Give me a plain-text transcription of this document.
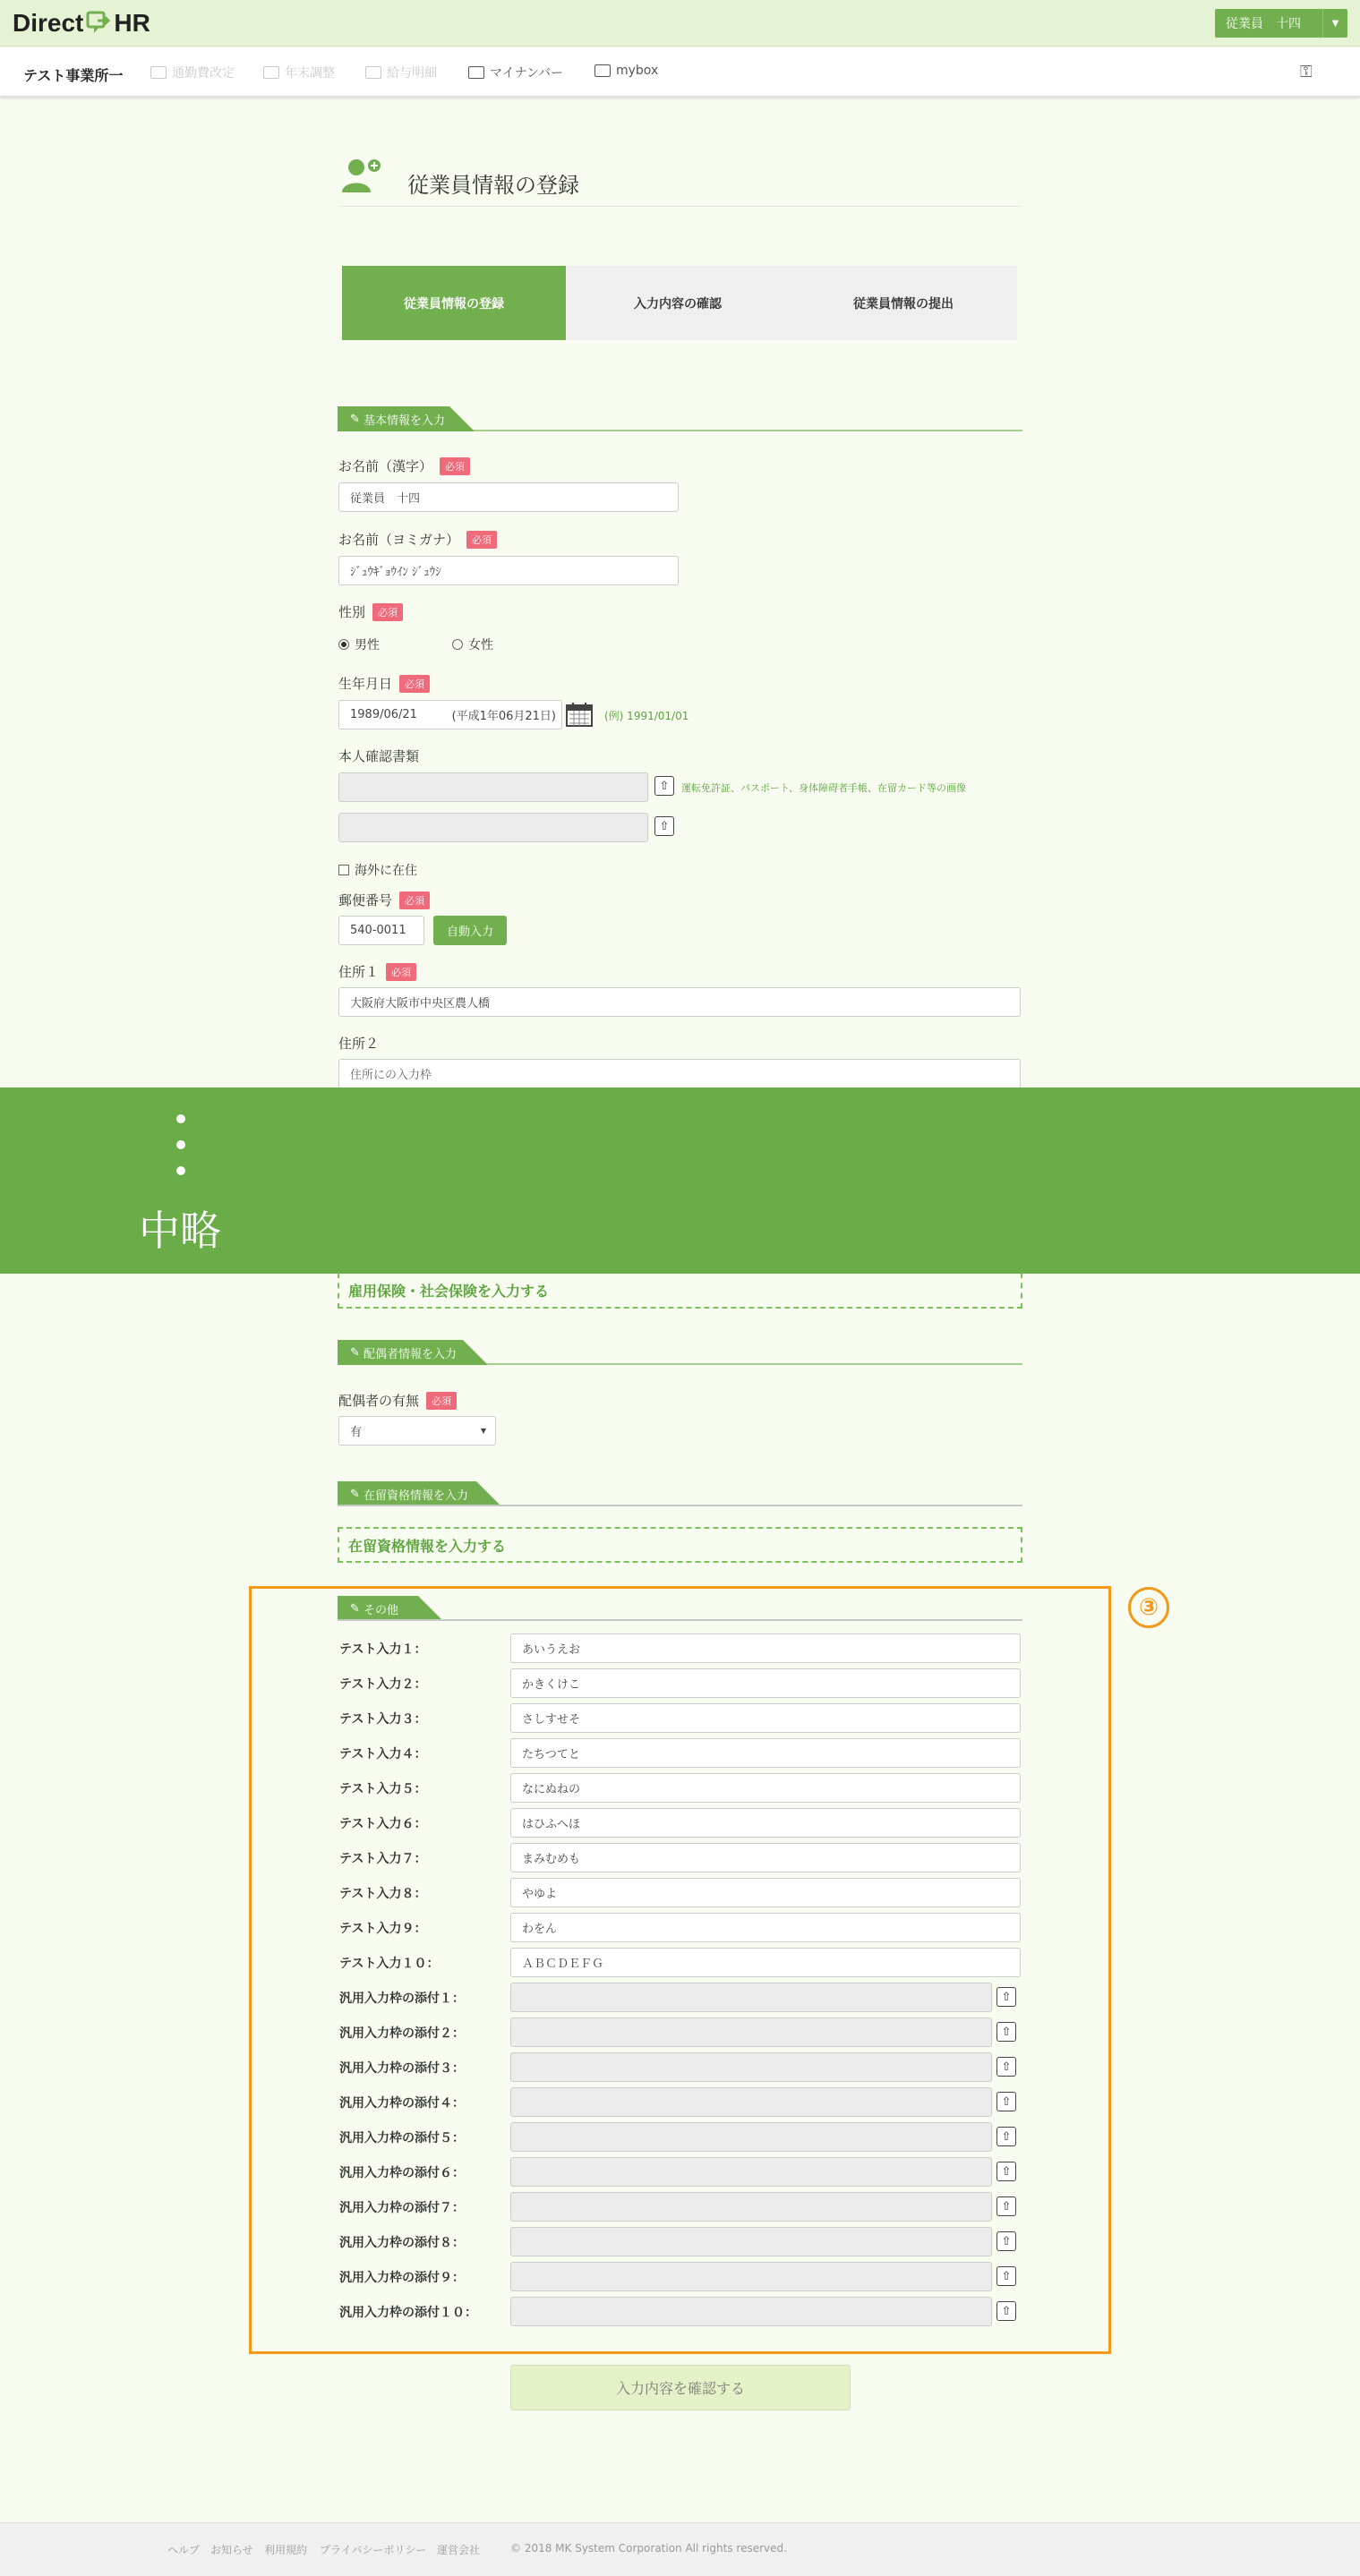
Direct HR	従業員　十四	▼
テスト事業所一	通勤費改定	年末調整	給与明細	マイナンバー	mybox	⚿
従業員情報の登録
従業員情報の登録	入力内容の確認	従業員情報の提出
✎ 基本情報を入力
お名前（漢字）	必須
従業員　十四
お名前（ヨミガナ）	必須
ｼﾞｭｳｷﾞｮｳｲﾝ ｼﾞｭｳｼ
性別	必須
男性	女性
生年月日	必須
1989/06/21	(平成1年06月21日)	(例) 1991/01/01
本人確認書類
⇧	運転免許証、パスポート、身体障碍者手帳、在留カード等の画像
⇧
海外に在住
郵便番号	必須
540-0011	自動入力
住所１	必須
大阪府大阪市中央区農人橋
住所２
住所にの入力枠
中略
雇用保険・社会保険を入力する
✎ 配偶者情報を入力
配偶者の有無	必須
有	▼
✎ 在留資格情報を入力
在留資格情報を入力する
③
✎ その他
テスト入力１：	あいうえお
テスト入力２：	かきくけこ
テスト入力３：	さしすせそ
テスト入力４：	たちつてと
テスト入力５：	なにぬねの
テスト入力６：	はひふへほ
テスト入力７：	まみむめも
テスト入力８：	やゆよ
テスト入力９：	わをん
テスト入力１０：	ＡＢＣＤＥＦＧ
汎用入力枠の添付１：	⇧
汎用入力枠の添付２：	⇧
汎用入力枠の添付３：	⇧
汎用入力枠の添付４：	⇧
汎用入力枠の添付５：	⇧
汎用入力枠の添付６：	⇧
汎用入力枠の添付７：	⇧
汎用入力枠の添付８：	⇧
汎用入力枠の添付９：	⇧
汎用入力枠の添付１０：	⇧
入力内容を確認する
ヘルプ お知らせ 利用規約 プライバシーポリシー 運営会社	© 2018 MK System Corporation All rights reserved.
